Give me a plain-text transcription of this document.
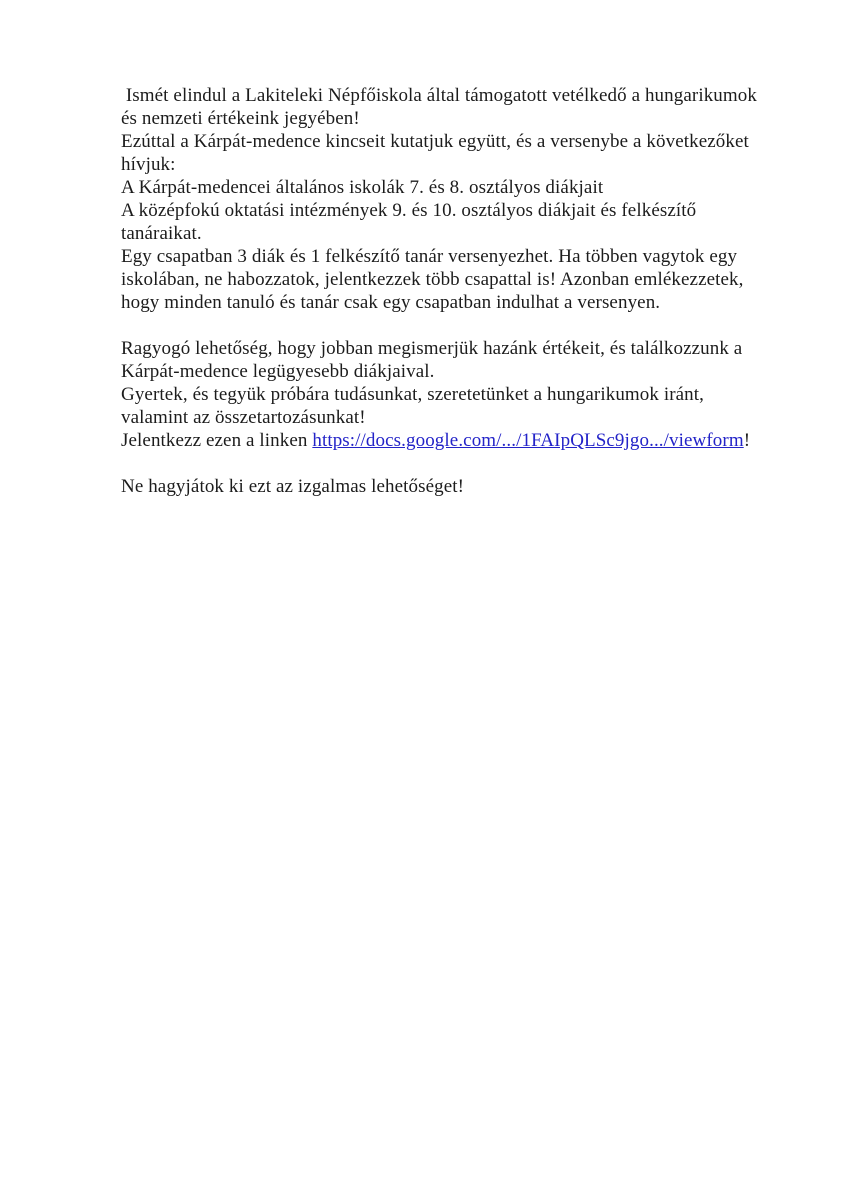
Ismét elindul a Lakiteleki Népfőiskola által támogatott vetélkedő a hungarikumok
és nemzeti értékeink jegyében!
Ezúttal a Kárpát-medence kincseit kutatjuk együtt, és a versenybe a következőket
hívjuk:
A Kárpát-medencei általános iskolák 7. és 8. osztályos diákjait
A középfokú oktatási intézmények 9. és 10. osztályos diákjait és felkészítő
tanáraikat.
Egy csapatban 3 diák és 1 felkészítő tanár versenyezhet. Ha többen vagytok egy
iskolában, ne habozzatok, jelentkezzek több csapattal is! Azonban emlékezzetek,
hogy minden tanuló és tanár csak egy csapatban indulhat a versenyen.
Ragyogó lehetőség, hogy jobban megismerjük hazánk értékeit, és találkozzunk a
Kárpát-medence legügyesebb diákjaival.
Gyertek, és tegyük próbára tudásunkat, szeretetünket a hungarikumok iránt,
valamint az összetartozásunkat!
Jelentkezz ezen a linken https://docs.google.com/.../1FAIpQLSc9jgo.../viewform!
Ne hagyjátok ki ezt az izgalmas lehetőséget!
